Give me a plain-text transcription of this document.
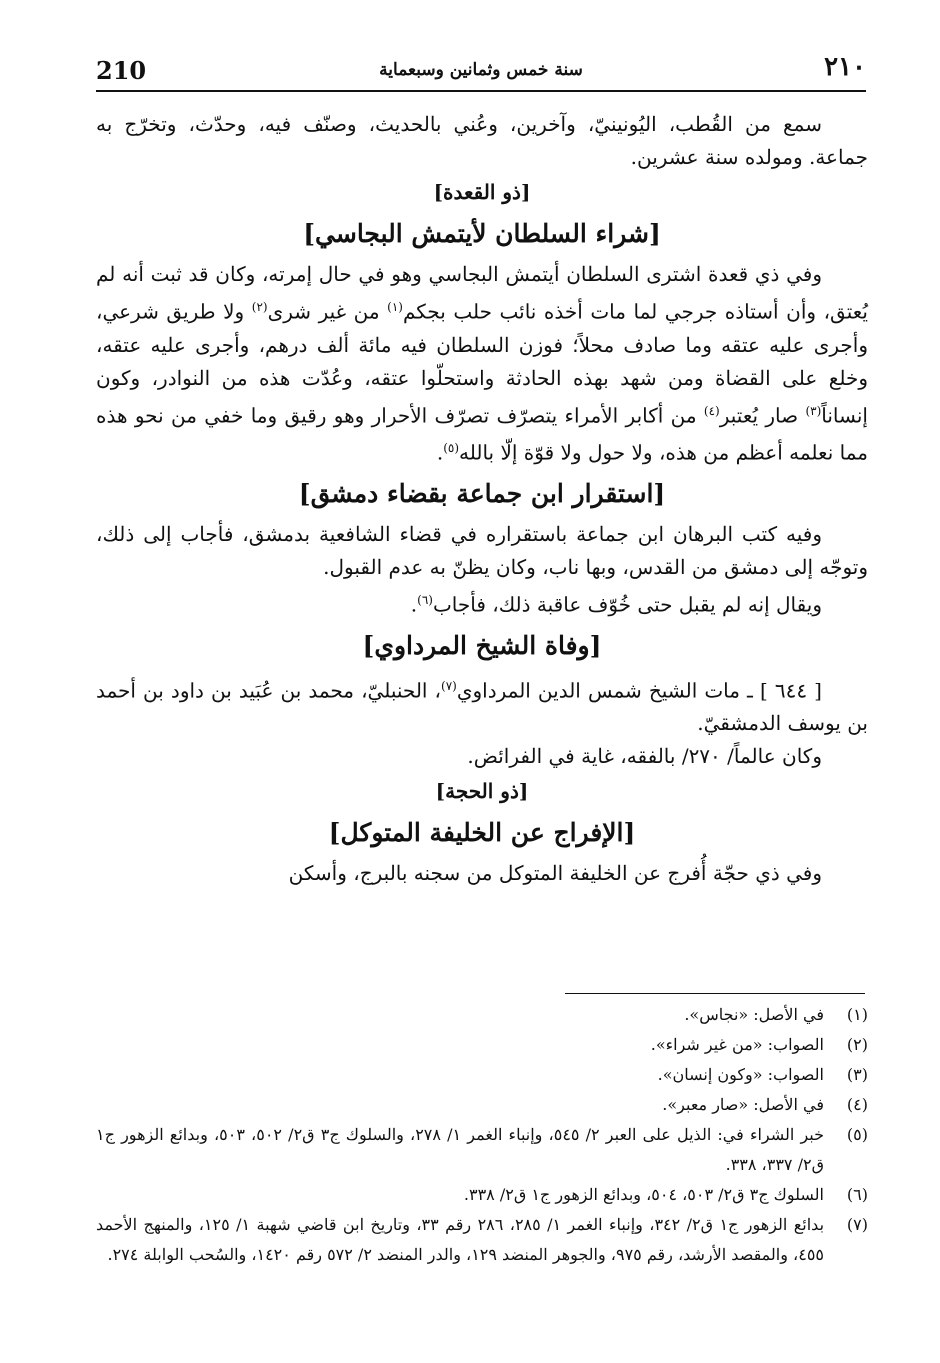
210	سنة خمس وثمانين وسبعماية	٢١٠

سمع من القُطب، اليُونينيّ، وآخرين، وعُني بالحديث، وصنّف فيه، وحدّث، وتخرّج به جماعة. ومولده سنة عشرين.

[ذو القعدة]

[شراء السلطان لأيتمش البجاسي]

وفي ذي قعدة اشترى السلطان أيتمش البجاسي وهو في حال إمرته، وكان قد ثبت أنه لم يُعتق، وأن أستاذه جرجي لما مات أخذه نائب حلب بجكم$^{(١)}$ من غير شرى$^{(٢)}$ ولا طريق شرعي، وأجرى عليه عتقه وما صادف محلاً؛ فوزن السلطان فيه مائة ألف درهم، وأجرى عليه عتقه، وخلع على القضاة ومن شهد بهذه الحادثة واستحلّوا عتقه، وعُدّت هذه من النوادر، وكون إنساناً$^{(٣)}$ صار يُعتبر$^{(٤)}$ من أكابر الأمراء يتصرّف تصرّف الأحرار وهو رقيق وما خفي من نحو هذه مما نعلمه أعظم من هذه، ولا حول ولا قوّة إلّا بالله$^{(٥)}$.

[استقرار ابن جماعة بقضاء دمشق]

وفيه كتب البرهان ابن جماعة باستقراره في قضاء الشافعية بدمشق، فأجاب إلى ذلك، وتوجّه إلى دمشق من القدس، وبها ناب، وكان يظنّ به عدم القبول.

ويقال إنه لم يقبل حتى خُوّف عاقبة ذلك، فأجاب$^{(٦)}$.

[وفاة الشيخ المرداوي]

[ ٦٤٤ ] ـ مات الشيخ شمس الدين المرداوي$^{(٧)}$، الحنبليّ، محمد بن عُبَيد بن داود بن أحمد بن يوسف الدمشقيّ.

وكان عالماً/ ٢٧٠/ بالفقه، غاية في الفرائض.

[ذو الحجة]

[الإفراج عن الخليفة المتوكل]

وفي ذي حجّة أُفرج عن الخليفة المتوكل من سجنه بالبرج، وأسكن

(١)
في الأصل: «نجاس».
(٢)
الصواب: «من غير شراء».
(٣)
الصواب: «وكون إنسان».
(٤)
في الأصل: «صار معبر».
(٥)
خبر الشراء في: الذيل على العبر ٢/ ٥٤٥، وإنباء الغمر ١/ ٢٧٨، والسلوك ج٣ ق٢/ ٥٠٢، ٥٠٣، وبدائع الزهور ج١ ق٢/ ٣٣٧، ٣٣٨.
(٦)
السلوك ج٣ ق٢/ ٥٠٣، ٥٠٤، وبدائع الزهور ج١ ق٢/ ٣٣٨.
(٧)
بدائع الزهور ج١ ق٢/ ٣٤٢، وإنباء الغمر ١/ ٢٨٥، ٢٨٦ رقم ٣٣، وتاريخ ابن قاضي شهبة ١/ ١٢٥، والمنهج الأحمد ٤٥٥، والمقصد الأرشد، رقم ٩٧٥، والجوهر المنضد ١٢٩، والدر المنضد ٢/ ٥٧٢ رقم ١٤٢٠، والسُحب الوابلة ٢٧٤.
